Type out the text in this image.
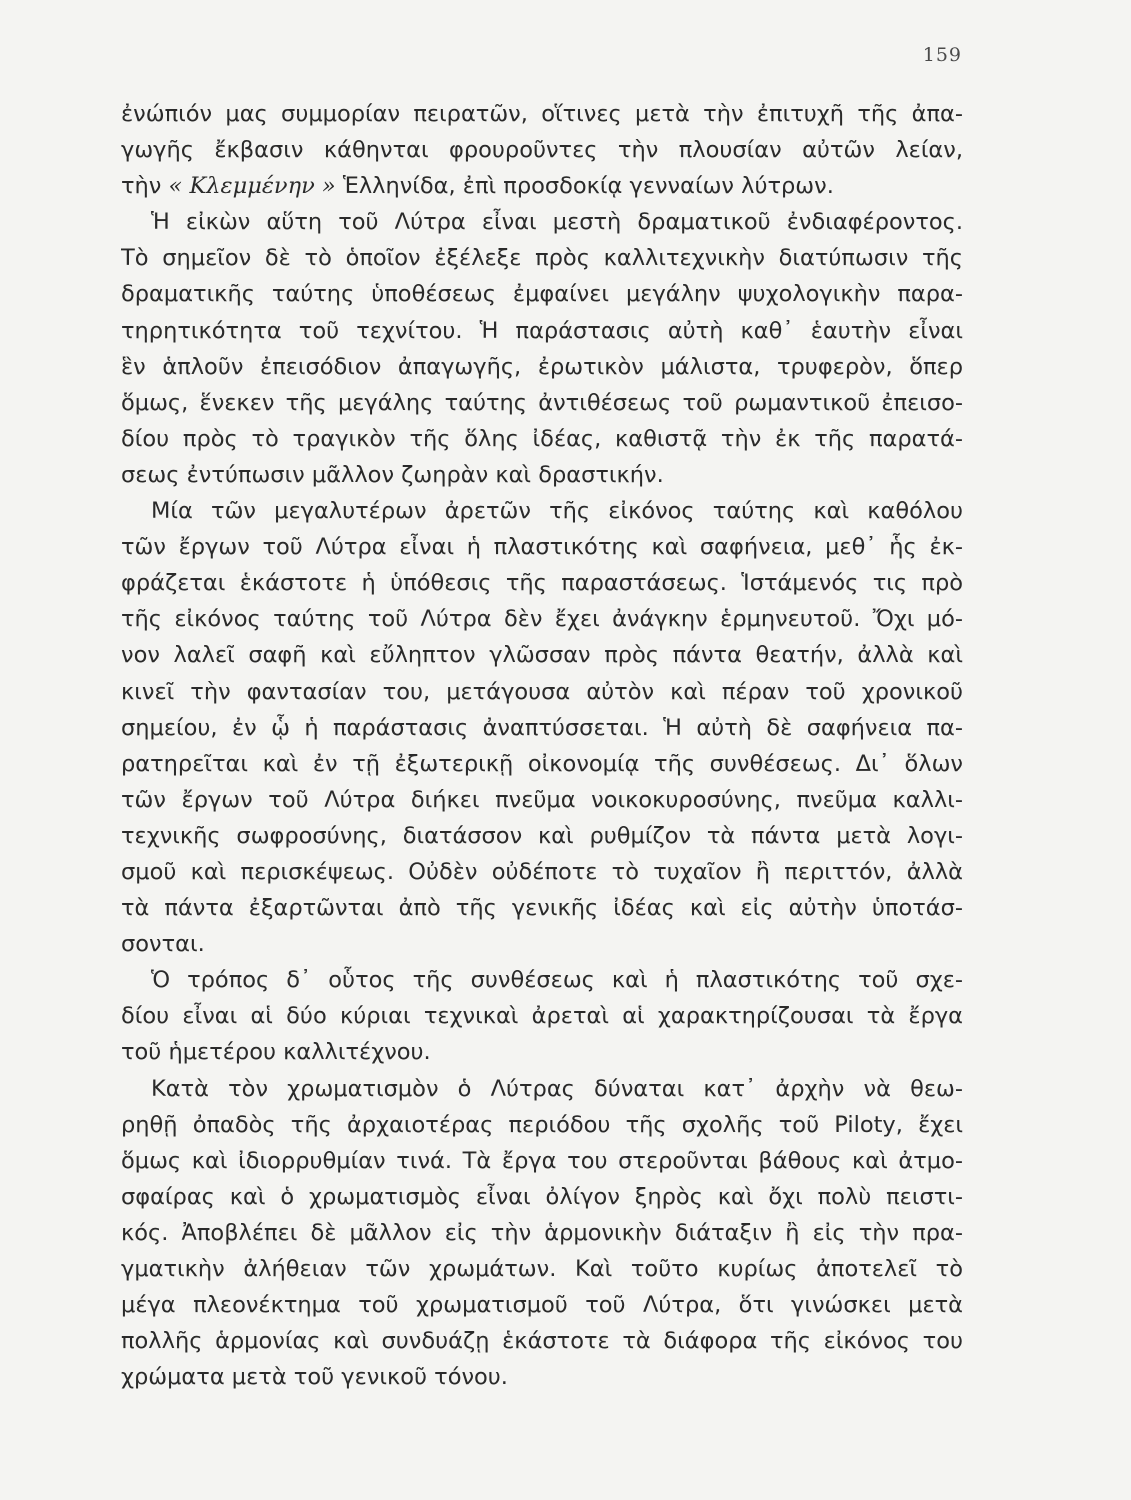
159
ἐνώπιόν μας συμμορίαν πειρατῶν, οἵτινες μετὰ τὴν ἐπιτυχῆ τῆς ἀπα-
γωγῆς ἔκβασιν κάθηνται φρουροῦντες τὴν πλουσίαν αὐτῶν λείαν,
τὴν « Κλεμμένην » Ἑλληνίδα, ἐπὶ προσδοκίᾳ γενναίων λύτρων.
Ἡ εἰκὼν αὕτη τοῦ Λύτρα εἶναι μεστὴ δραματικοῦ ἐνδιαφέροντος.
Τὸ σημεῖον δὲ τὸ ὁποῖον ἐξέλεξε πρὸς καλλιτεχνικὴν διατύπωσιν τῆς
δραματικῆς ταύτης ὑποθέσεως ἐμφαίνει μεγάλην ψυχολογικὴν παρα-
τηρητικότητα τοῦ τεχνίτου. Ἡ παράστασις αὐτὴ καθ᾿ ἑαυτὴν εἶναι
ἓν ἁπλοῦν ἐπεισόδιον ἀπαγωγῆς, ἐρωτικὸν μάλιστα, τρυφερὸν, ὅπερ
ὅμως, ἕνεκεν τῆς μεγάλης ταύτης ἀντιθέσεως τοῦ ρωμαντικοῦ ἐπεισο-
δίου πρὸς τὸ τραγικὸν τῆς ὅλης ἰδέας, καθιστᾷ τὴν ἐκ τῆς παρατά-
σεως ἐντύπωσιν μᾶλλον ζωηρὰν καὶ δραστικήν.
Μία τῶν μεγαλυτέρων ἀρετῶν τῆς εἰκόνος ταύτης καὶ καθόλου
τῶν ἔργων τοῦ Λύτρα εἶναι ἡ πλαστικότης καὶ σαφήνεια, μεθ᾿ ἧς ἐκ-
φράζεται ἑκάστοτε ἡ ὑπόθεσις τῆς παραστάσεως. Ἱστάμενός τις πρὸ
τῆς εἰκόνος ταύτης τοῦ Λύτρα δὲν ἔχει ἀνάγκην ἑρμηνευτοῦ. Ὄχι μό-
νον λαλεῖ σαφῆ καὶ εὔληπτον γλῶσσαν πρὸς πάντα θεατήν, ἀλλὰ καὶ
κινεῖ τὴν φαντασίαν του, μετάγουσα αὐτὸν καὶ πέραν τοῦ χρονικοῦ
σημείου, ἐν ᾧ ἡ παράστασις ἀναπτύσσεται. Ἡ αὐτὴ δὲ σαφήνεια πα-
ρατηρεῖται καὶ ἐν τῇ ἐξωτερικῇ οἰκονομίᾳ τῆς συνθέσεως. Δι᾿ ὅλων
τῶν ἔργων τοῦ Λύτρα διήκει πνεῦμα νοικοκυροσύνης, πνεῦμα καλλι-
τεχνικῆς σωφροσύνης, διατάσσον καὶ ρυθμίζον τὰ πάντα μετὰ λογι-
σμοῦ καὶ περισκέψεως. Οὐδὲν οὐδέποτε τὸ τυχαῖον ἢ περιττόν, ἀλλὰ
τὰ πάντα ἐξαρτῶνται ἀπὸ τῆς γενικῆς ἰδέας καὶ εἰς αὐτὴν ὑποτάσ-
σονται.
Ὁ τρόπος δ᾿ οὗτος τῆς συνθέσεως καὶ ἡ πλαστικότης τοῦ σχε-
δίου εἶναι αἱ δύο κύριαι τεχνικαὶ ἀρεταὶ αἱ χαρακτηρίζουσαι τὰ ἔργα
τοῦ ἡμετέρου καλλιτέχνου.
Κατὰ τὸν χρωματισμὸν ὁ Λύτρας δύναται κατ᾿ ἀρχὴν νὰ θεω-
ρηθῇ ὀπαδὸς τῆς ἀρχαιοτέρας περιόδου τῆς σχολῆς τοῦ Piloty, ἔχει
ὅμως καὶ ἰδιορρυθμίαν τινά. Τὰ ἔργα του στεροῦνται βάθους καὶ ἀτμο-
σφαίρας καὶ ὁ χρωματισμὸς εἶναι ὀλίγον ξηρὸς καὶ ὄχι πολὺ πειστι-
κός. Ἀποβλέπει δὲ μᾶλλον εἰς τὴν ἁρμονικὴν διάταξιν ἢ εἰς τὴν πρα-
γματικὴν ἀλήθειαν τῶν χρωμάτων. Καὶ τοῦτο κυρίως ἀποτελεῖ τὸ
μέγα πλεονέκτημα τοῦ χρωματισμοῦ τοῦ Λύτρα, ὅτι γινώσκει μετὰ
πολλῆς ἁρμονίας καὶ συνδυάζῃ ἑκάστοτε τὰ διάφορα τῆς εἰκόνος του
χρώματα μετὰ τοῦ γενικοῦ τόνου.
